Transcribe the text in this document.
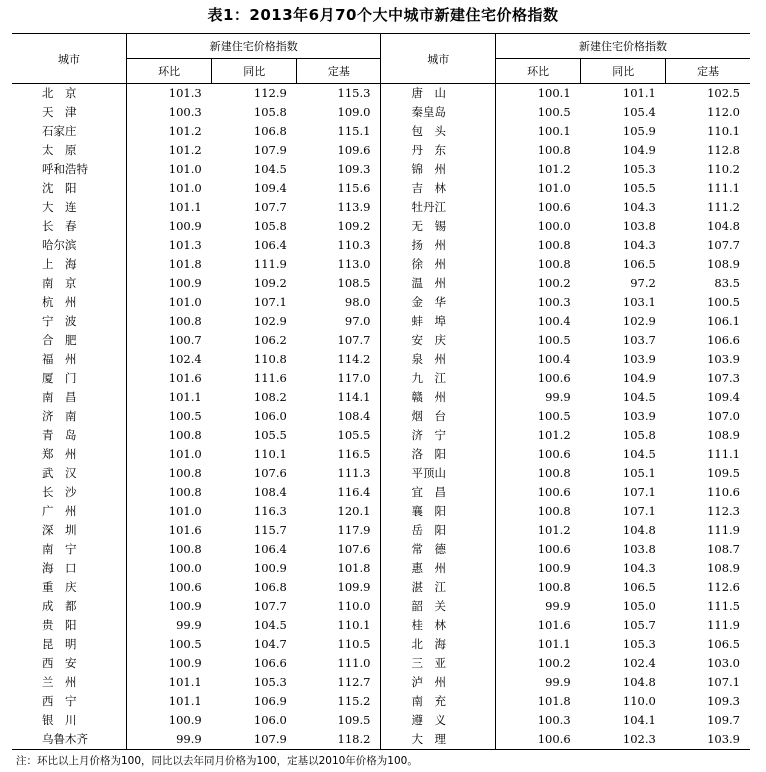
表1：2013年6月70个大中城市新建住宅价格指数
城市	新建住宅价格指数			城市	新建住宅价格指数		
	环比	同比	定基		环比	同比	定基
北　京	101.3	112.9	115.3	唐　山	100.1	101.1	102.5
天　津	100.3	105.8	109.0	秦皇岛	100.5	105.4	112.0
石家庄	101.2	106.8	115.1	包　头	100.1	105.9	110.1
太　原	101.2	107.9	109.6	丹　东	100.8	104.9	112.8
呼和浩特	101.0	104.5	109.3	锦　州	101.2	105.3	110.2
沈　阳	101.0	109.4	115.6	吉　林	101.0	105.5	111.1
大　连	101.1	107.7	113.9	牡丹江	100.6	104.3	111.2
长　春	100.9	105.8	109.2	无　锡	100.0	103.8	104.8
哈尔滨	101.3	106.4	110.3	扬　州	100.8	104.3	107.7
上　海	101.8	111.9	113.0	徐　州	100.8	106.5	108.9
南　京	100.9	109.2	108.5	温　州	100.2	97.2	83.5
杭　州	101.0	107.1	98.0	金　华	100.3	103.1	100.5
宁　波	100.8	102.9	97.0	蚌　埠	100.4	102.9	106.1
合　肥	100.7	106.2	107.7	安　庆	100.5	103.7	106.6
福　州	102.4	110.8	114.2	泉　州	100.4	103.9	103.9
厦　门	101.6	111.6	117.0	九　江	100.6	104.9	107.3
南　昌	101.1	108.2	114.1	赣　州	99.9	104.5	109.4
济　南	100.5	106.0	108.4	烟　台	100.5	103.9	107.0
青　岛	100.8	105.5	105.5	济　宁	101.2	105.8	108.9
郑　州	101.0	110.1	116.5	洛　阳	100.6	104.5	111.1
武　汉	100.8	107.6	111.3	平顶山	100.8	105.1	109.5
长　沙	100.8	108.4	116.4	宜　昌	100.6	107.1	110.6
广　州	101.0	116.3	120.1	襄　阳	100.8	107.1	112.3
深　圳	101.6	115.7	117.9	岳　阳	101.2	104.8	111.9
南　宁	100.8	106.4	107.6	常　德	100.6	103.8	108.7
海　口	100.0	100.9	101.8	惠　州	100.9	104.3	108.9
重　庆	100.6	106.8	109.9	湛　江	100.8	106.5	112.6
成　都	100.9	107.7	110.0	韶　关	99.9	105.0	111.5
贵　阳	99.9	104.5	110.1	桂　林	101.6	105.7	111.9
昆　明	100.5	104.7	110.5	北　海	101.1	105.3	106.5
西　安	100.9	106.6	111.0	三　亚	100.2	102.4	103.0
兰　州	101.1	105.3	112.7	泸　州	99.9	104.8	107.1
西　宁	101.1	106.9	115.2	南　充	101.8	110.0	109.3
银　川	100.9	106.0	109.5	遵　义	100.3	104.1	109.7
乌鲁木齐	99.9	107.9	118.2	大　理	100.6	102.3	103.9
注：环比以上月价格为100，同比以去年同月价格为100，定基以2010年价格为100。
